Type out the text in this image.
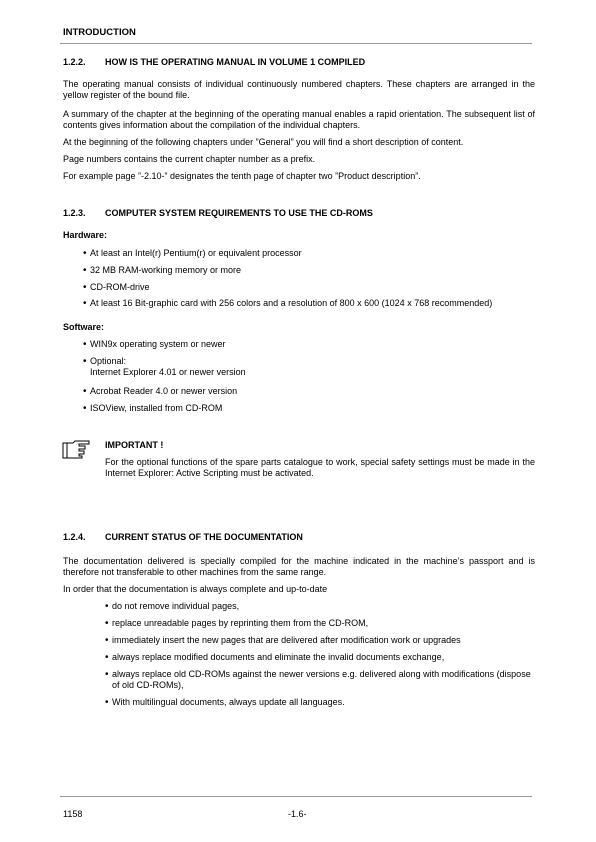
INTRODUCTION
1.2.2. HOW IS THE OPERATING MANUAL IN VOLUME 1 COMPILED
The operating manual consists of individual continuously numbered chapters. These chapters are arranged in the yellow register of the bound file.
A summary of the chapter at the beginning of the operating manual enables a rapid orientation. The subsequent list of contents gives information about the compilation of the individual chapters.
At the beginning of the following chapters under ”General” you will find a short description of content.
Page numbers contains the current chapter number as a prefix.
For example page ”-2.10-” designates the tenth page of chapter two ”Product description”.
1.2.3. COMPUTER SYSTEM REQUIREMENTS TO USE THE CD-ROMS
Hardware:
• At least an Intel(r) Pentium(r) or equivalent processor
• 32 MB RAM-working memory or more
• CD-ROM-drive
• At least 16 Bit-graphic card with 256 colors and a resolution of 800 x 600 (1024 x 768 recommended)
Software:
• WIN9x operating system or newer
• Optional:
Internet Explorer 4.01 or newer version
• Acrobat Reader 4.0 or newer version
• ISOView, installed from CD-ROM
IMPORTANT !
For the optional functions of the spare parts catalogue to work, special safety settings must be made in the Internet Explorer: Active Scripting must be activated.
1.2.4. CURRENT STATUS OF THE DOCUMENTATION
The documentation delivered is specially compiled for the machine indicated in the machine’s passport and is therefore not transferable to other machines from the same range.
In order that the documentation is always complete and up-to-date
• do not remove individual pages,
• replace unreadable pages by reprinting them from the CD-ROM,
• immediately insert the new pages that are delivered after modification work or upgrades
• always replace modified documents and eliminate the invalid documents exchange,
• always replace old CD-ROMs against the newer versions e.g. delivered along with modifications (dispose of old CD-ROMs),
• With multilingual documents, always update all languages.
1158	-1.6-
